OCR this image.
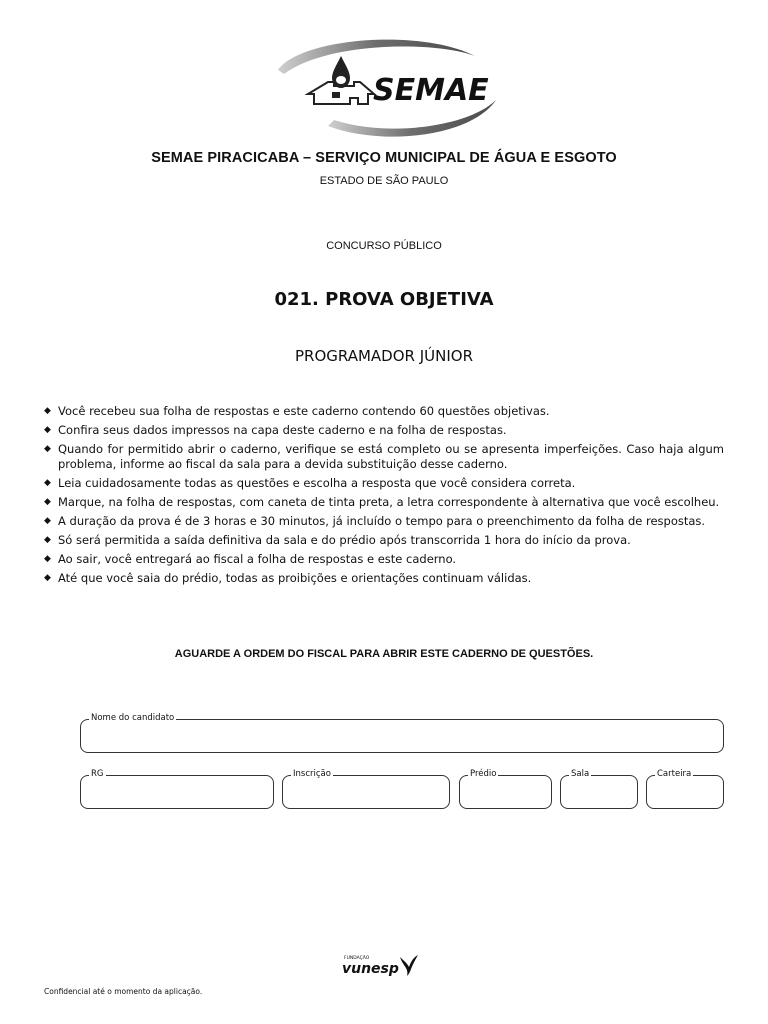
SEMAE
SEMAE PIRACICABA – SERVIÇO MUNICIPAL DE ÁGUA E ESGOTO
ESTADO DE SÃO PAULO
CONCURSO PÚBLICO
021. PROVA OBJETIVA
PROGRAMADOR JÚNIOR
◆ Você recebeu sua folha de respostas e este caderno contendo 60 questões objetivas.
◆ Confira seus dados impressos na capa deste caderno e na folha de respostas.
◆ Quando for permitido abrir o caderno, verifique se está completo ou se apresenta imperfeições. Caso haja algum problema, informe ao fiscal da sala para a devida substituição desse caderno.
◆ Leia cuidadosamente todas as questões e escolha a resposta que você considera correta.
◆ Marque, na folha de respostas, com caneta de tinta preta, a letra correspondente à alternativa que você escolheu.
◆ A duração da prova é de 3 horas e 30 minutos, já incluído o tempo para o preenchimento da folha de respostas.
◆ Só será permitida a saída definitiva da sala e do prédio após transcorrida 1 hora do início da prova.
◆ Ao sair, você entregará ao fiscal a folha de respostas e este caderno.
◆ Até que você saia do prédio, todas as proibições e orientações continuam válidas.
AGUARDE A ORDEM DO FISCAL PARA ABRIR ESTE CADERNO DE QUESTÕES.
Nome do candidato
RG	Inscrição	Prédio	Sala	Carteira
FUNDAÇÃO
vunesp
Confidencial até o momento da aplicação.
